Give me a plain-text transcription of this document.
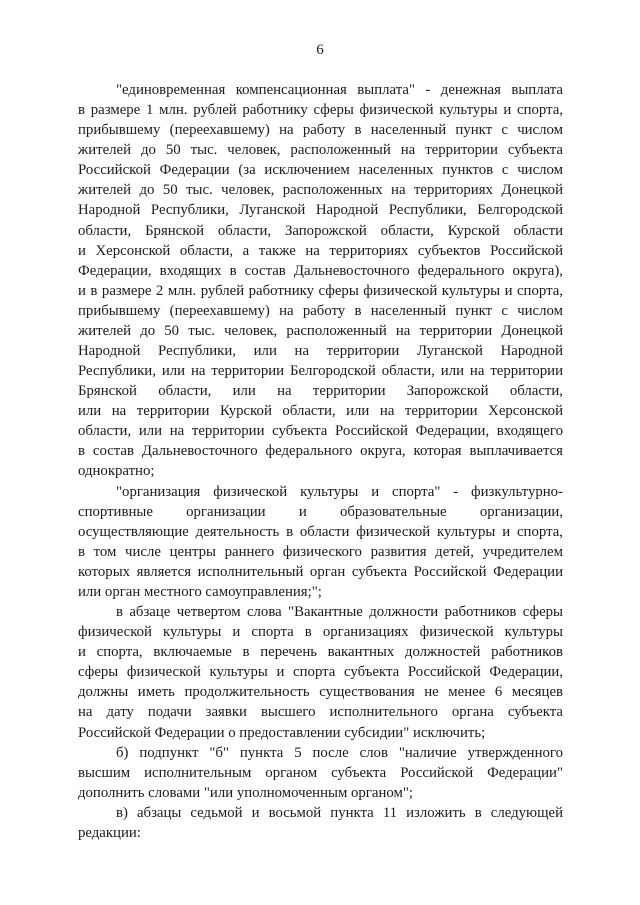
6
"единовременная компенсационная выплата" - денежная выплата
в размере 1 млн. рублей работнику сферы физической культуры и спорта,
прибывшему (переехавшему) на работу в населенный пункт с числом
жителей до 50 тыс. человек, расположенный на территории субъекта
Российской Федерации (за исключением населенных пунктов с числом
жителей до 50 тыс. человек, расположенных на территориях Донецкой
Народной Республики, Луганской Народной Республики, Белгородской
области, Брянской области, Запорожской области, Курской области
и Херсонской области, а также на территориях субъектов Российской
Федерации, входящих в состав Дальневосточного федерального округа),
и в размере 2 млн. рублей работнику сферы физической культуры и спорта,
прибывшему (переехавшему) на работу в населенный пункт с числом
жителей до 50 тыс. человек, расположенный на территории Донецкой
Народной Республики, или на территории Луганской Народной
Республики, или на территории Белгородской области, или на территории
Брянской области, или на территории Запорожской области,
или на территории Курской области, или на территории Херсонской
области, или на территории субъекта Российской Федерации, входящего
в состав Дальневосточного федерального округа, которая выплачивается
однократно;
"организация физической культуры и спорта" - физкультурно-
спортивные организации и образовательные организации,
осуществляющие деятельность в области физической культуры и спорта,
в том числе центры раннего физического развития детей, учредителем
которых является исполнительный орган субъекта Российской Федерации
или орган местного самоуправления;";
в абзаце четвертом слова "Вакантные должности работников сферы
физической культуры и спорта в организациях физической культуры
и спорта, включаемые в перечень вакантных должностей работников
сферы физической культуры и спорта субъекта Российской Федерации,
должны иметь продолжительность существования не менее 6 месяцев
на дату подачи заявки высшего исполнительного органа субъекта
Российской Федерации о предоставлении субсидии" исключить;
б) подпункт "б" пункта 5 после слов "наличие утвержденного
высшим исполнительным органом субъекта Российской Федерации"
дополнить словами "или уполномоченным органом";
в) абзацы седьмой и восьмой пункта 11 изложить в следующей
редакции:
